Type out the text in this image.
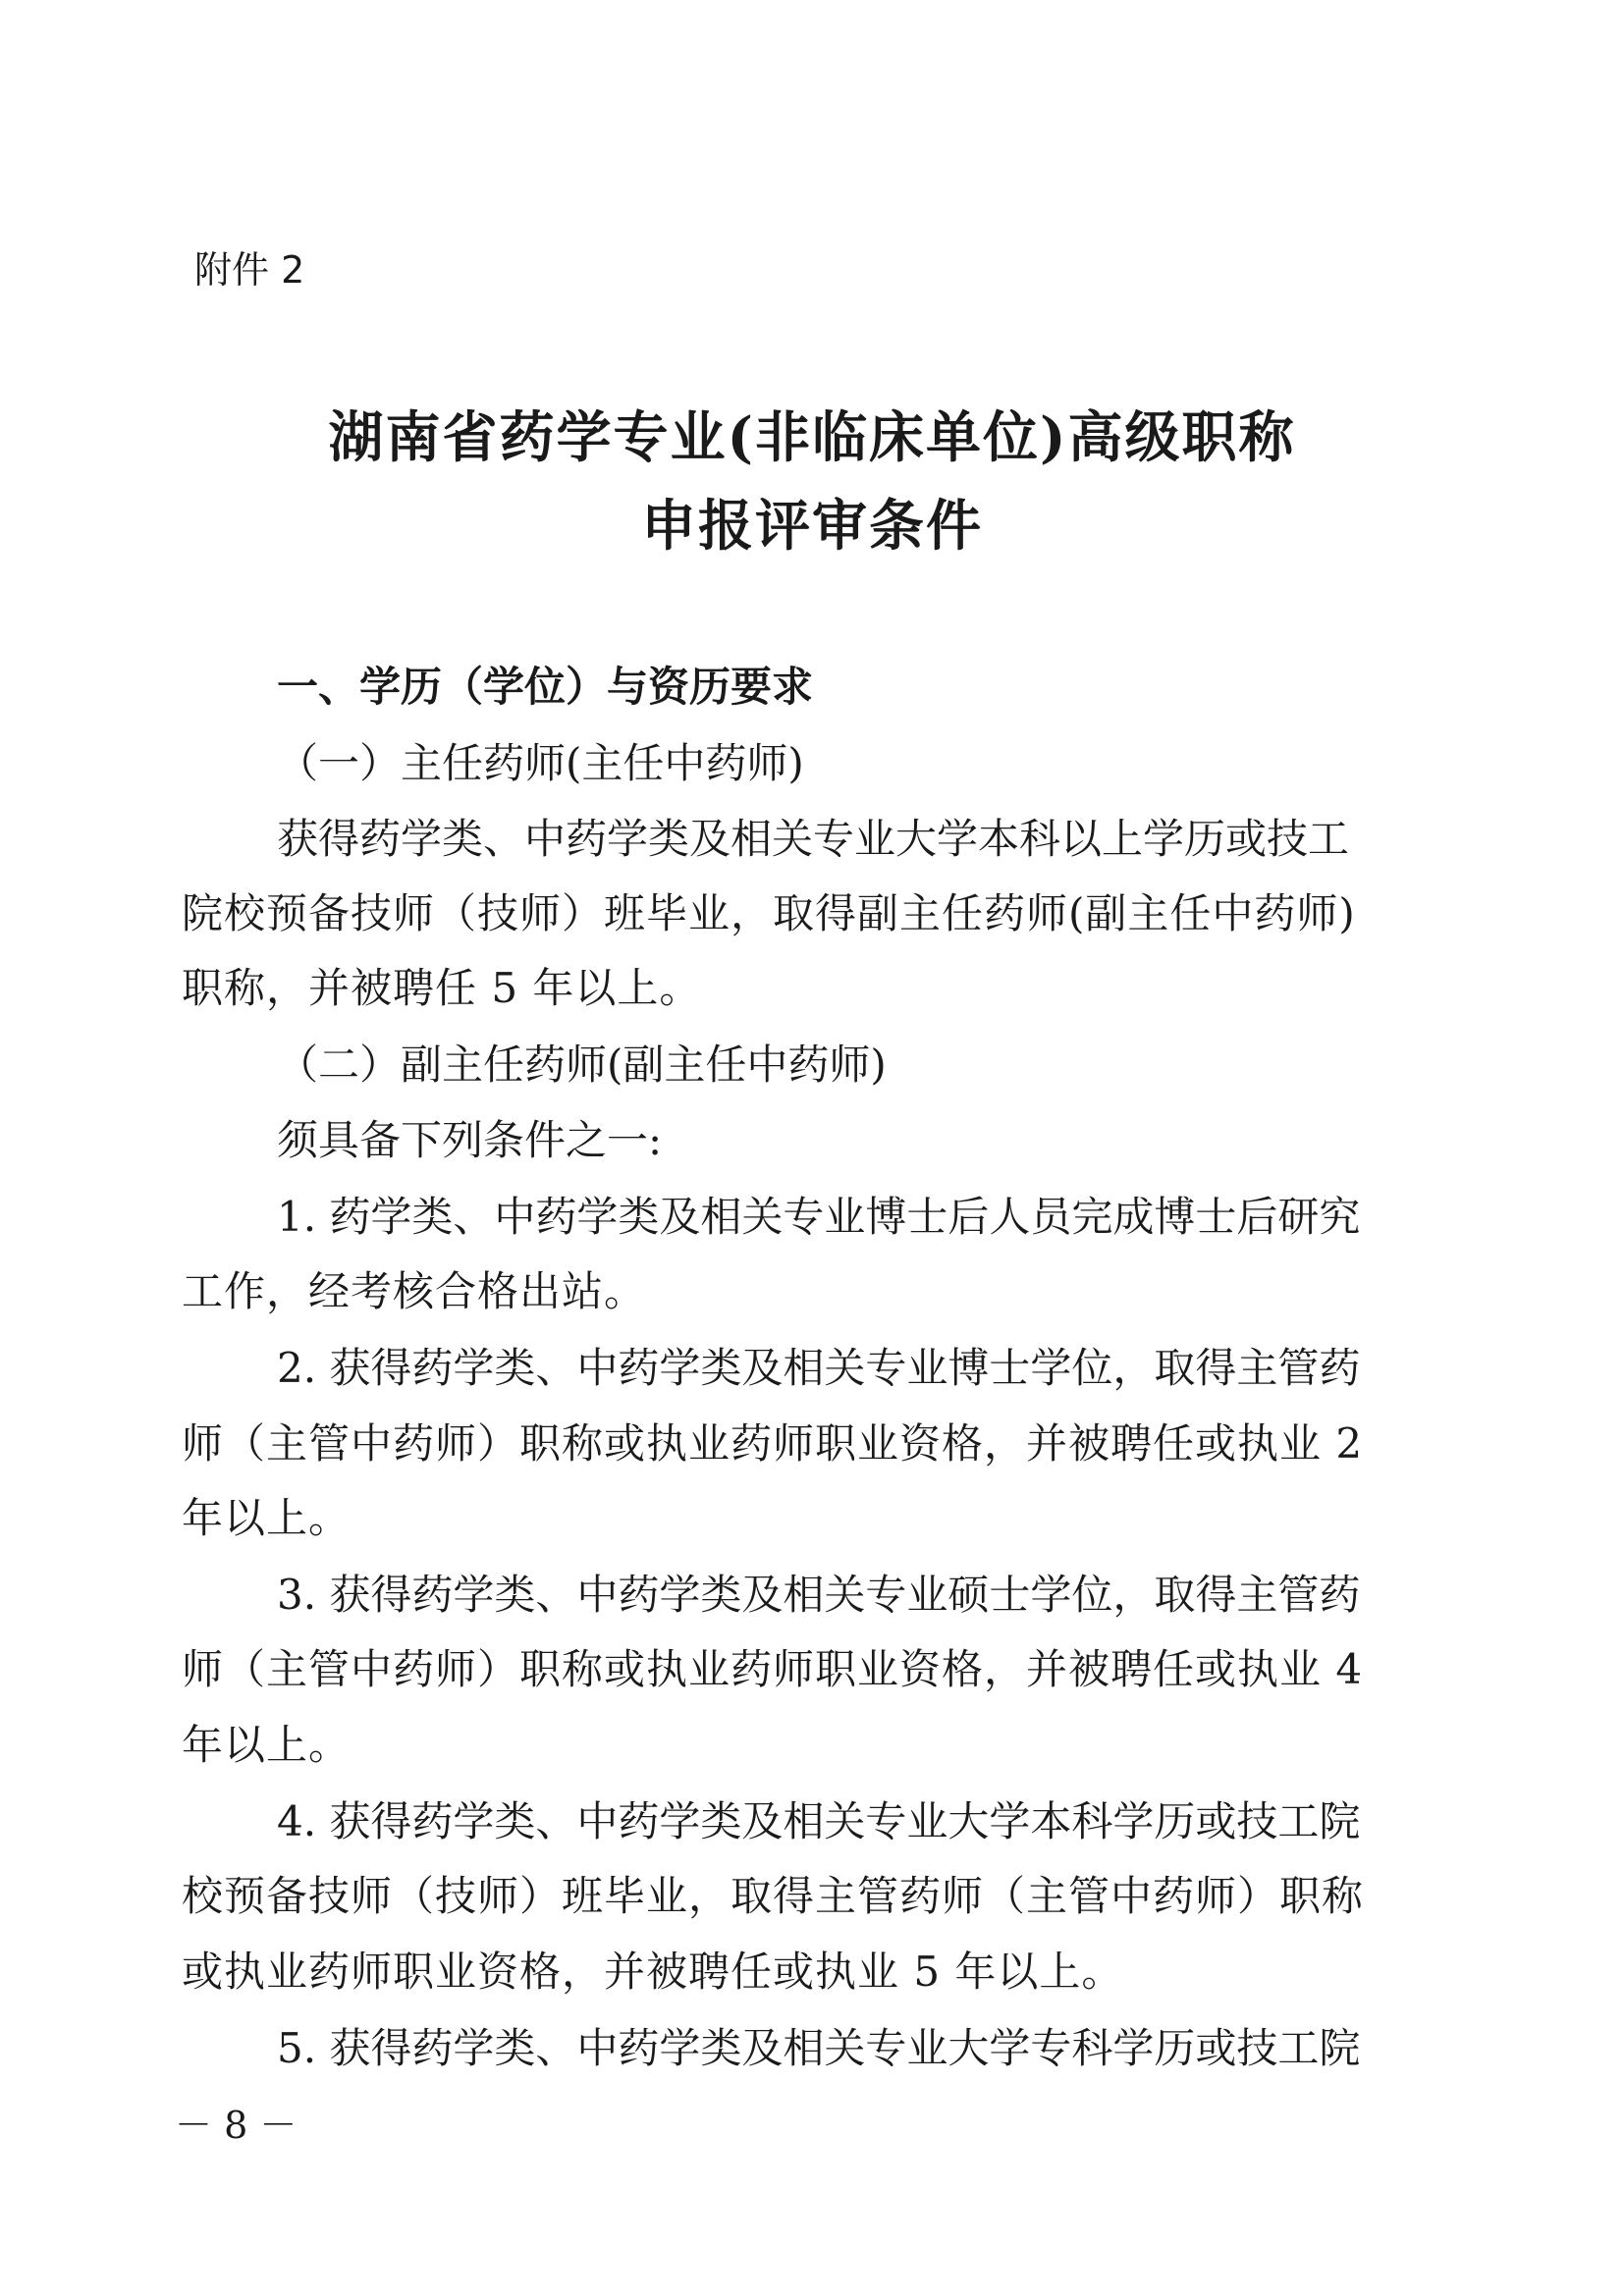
附件 2
湖南省药学专业(非临床单位)高级职称
申报评审条件
一、学历（学位）与资历要求
（一）主任药师(主任中药师)
获得药学类、中药学类及相关专业大学本科以上学历或技工
院校预备技师（技师）班毕业，取得副主任药师(副主任中药师)
职称，并被聘任 5 年以上。
（二）副主任药师(副主任中药师)
须具备下列条件之一:
1. 药学类、中药学类及相关专业博士后人员完成博士后研究
工作，经考核合格出站。
2. 获得药学类、中药学类及相关专业博士学位，取得主管药
师（主管中药师）职称或执业药师职业资格，并被聘任或执业 2
年以上。
3. 获得药学类、中药学类及相关专业硕士学位，取得主管药
师（主管中药师）职称或执业药师职业资格，并被聘任或执业 4
年以上。
4. 获得药学类、中药学类及相关专业大学本科学历或技工院
校预备技师（技师）班毕业，取得主管药师（主管中药师）职称
或执业药师职业资格，并被聘任或执业 5 年以上。
5. 获得药学类、中药学类及相关专业大学专科学历或技工院
－ 8 －
